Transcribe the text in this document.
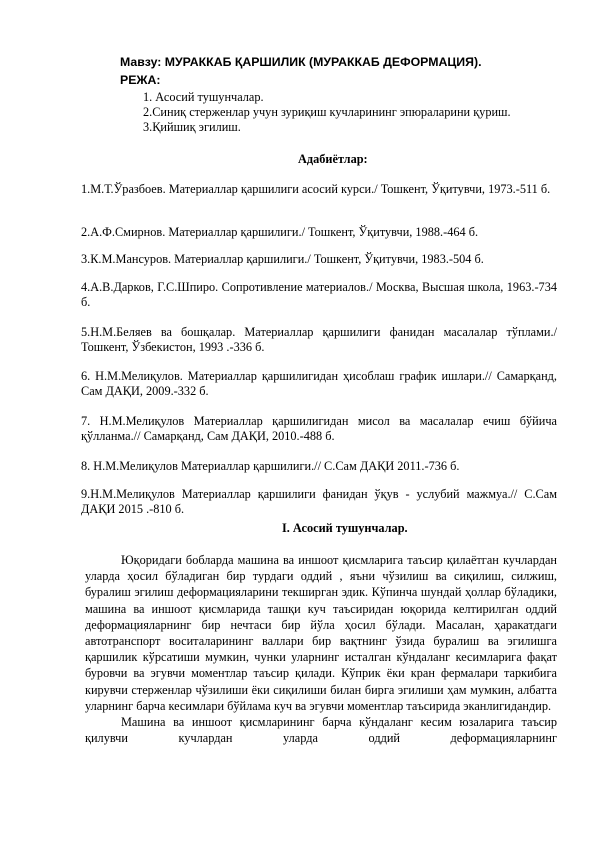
Мавзу: МУРАККАБ ҚАРШИЛИК (МУРАККАБ ДЕФОРМАЦИЯ).
РЕЖА:
1. Асосий тушунчалар.
2.Синиқ стерженлар учун зуриқиш кучларининг эпюраларини қуриш.
3.Қийшиқ эгилиш.
Адабиётлар:
1.М.Т.Ўразбоев. Материаллар қаршилиги асосий курси./ Тошкент, Ўқитувчи, 1973.-511 б.
2.А.Ф.Смирнов. Материаллар қаршилиги./ Тошкент, Ўқитувчи, 1988.-464 б.
3.К.М.Мансуров. Материаллар қаршилиги./ Тошкент, Ўқитувчи, 1983.-504 б.
4.А.В.Дарков, Г.С.Шпиро. Сопротивление материалов./ Москва, Высшая школа, 1963.-734 б.
5.Н.М.Беляев ва бошқалар. Материаллар қаршилиги фанидан масалалар тўплами./ Тошкент, Ўзбекистон, 1993 .-336 б.
6. Н.М.Мелиқулов. Материаллар қаршилигидан ҳисоблаш график ишлари.// Самарқанд, Сам ДАҚИ, 2009.-332 б.
7. Н.М.Мелиқулов Материаллар қаршилигидан мисол ва масалалар ечиш бўйича қўлланма.// Самарқанд, Сам ДАҚИ, 2010.-488 б.
8. Н.М.Мелиқулов Материаллар қаршилиги.// С.Сам ДАҚИ 2011.-736 б.
9.Н.М.Мелиқулов Материаллар қаршилиги фанидан ўқув - услубий мажмуа.// С.Сам ДАҚИ 2015 .-810 б.
I. Асосий тушунчалар.

Юқоридаги бобларда машина ва иншоот қисмларига таъсир қилаётган кучлардан уларда ҳосил бўладиган бир турдаги оддий , яъни чўзилиш ва сиқилиш, силжиш, буралиш эгилиш деформацияларини текширган эдик. Кўпинча шундай ҳоллар бўладики, машина ва иншоот қисмларида ташқи куч таъсиридан юқорида келтирилган оддий деформацияларнинг бир нечтаси бир йўла ҳосил бўлади. Масалан, ҳаракатдаги автотранспорт воситаларининг валлари бир вақтнинг ўзида буралиш ва эгилишга қаршилик кўрсатиши мумкин, чунки уларнинг исталган кўндаланг кесимларига фақат буровчи ва эгувчи моментлар таъсир қилади. Кўприк ёки кран фермалари таркибига кирувчи стерженлар чўзилиши ёки сиқилиши билан бирга эгилиши ҳам мумкин, албатта уларнинг барча кесимлари бўйлама куч ва эгувчи моментлар таъсирида эканлигидандир.

Машина ва иншоот қисмларининг барча кўндаланг кесим юзаларига таъсир қилувчи кучлардан уларда оддий деформацияларнинг
